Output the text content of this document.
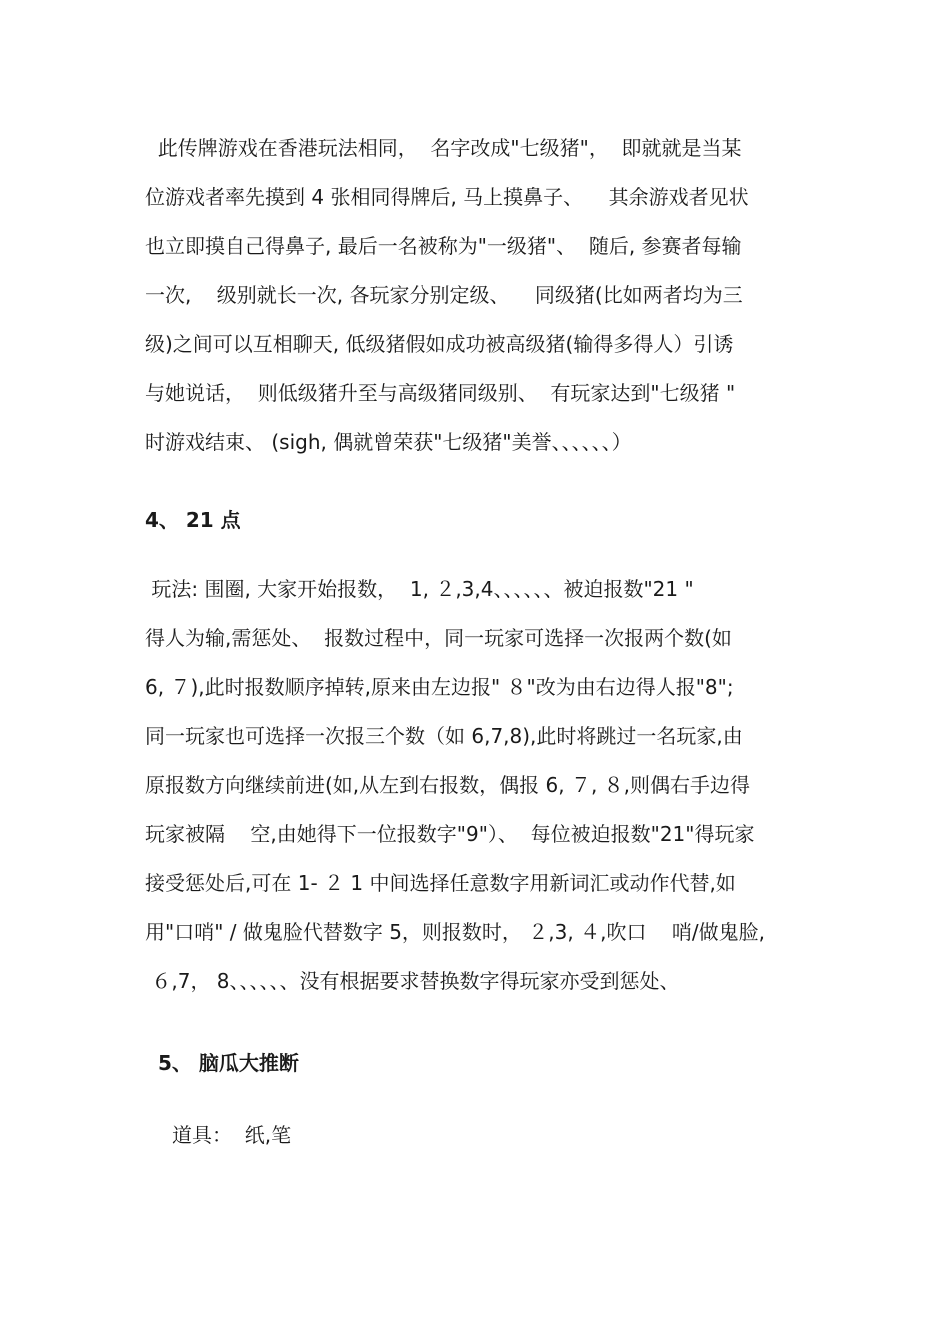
此传牌游戏在香港玩法相同，  名字改成"七级猪"，  即就就是当某
位游戏者率先摸到 4 张相同得牌后, 马上摸鼻子、    其余游戏者见状
也立即摸自己得鼻子, 最后一名被称为"一级猪"、  随后, 参赛者每输
一次,    级别就长一次, 各玩家分别定级、    同级猪(比如两者均为三
级)之间可以互相聊天, 低级猪假如成功被高级猪(输得多得人）引诱
与她说话，  则低级猪升至与高级猪同级别、  有玩家达到"七级猪 "
时游戏结束、 (sigh, 偶就曾荣获"七级猪"美誉、、、、、、）
4、 21 点
玩法: 围圈, 大家开始报数，  1, ２,3,4、、、、、、被迫报数"21 "
得人为输,需惩处、  报数过程中，同一玩家可选择一次报两个数(如
6, ７),此时报数顺序掉转,原来由左边报" ８"改为由右边得人报"8";
同一玩家也可选择一次报三个数（如 6,7,8),此时将跳过一名玩家,由
原报数方向继续前进(如,从左到右报数，偶报 6, ７, ８,则偶右手边得
玩家被隔    空,由她得下一位报数字"9"）、  每位被迫报数"21"得玩家
接受惩处后,可在 1- ２ 1 中间选择任意数字用新词汇或动作代替,如
用"口哨" / 做鬼脸代替数字 5，则报数时， ２,3, ４,吹口    哨/做鬼脸,
６,7， 8、、、、、、没有根据要求替换数字得玩家亦受到惩处、
5、 脑瓜大推断
道具：  纸,笔
